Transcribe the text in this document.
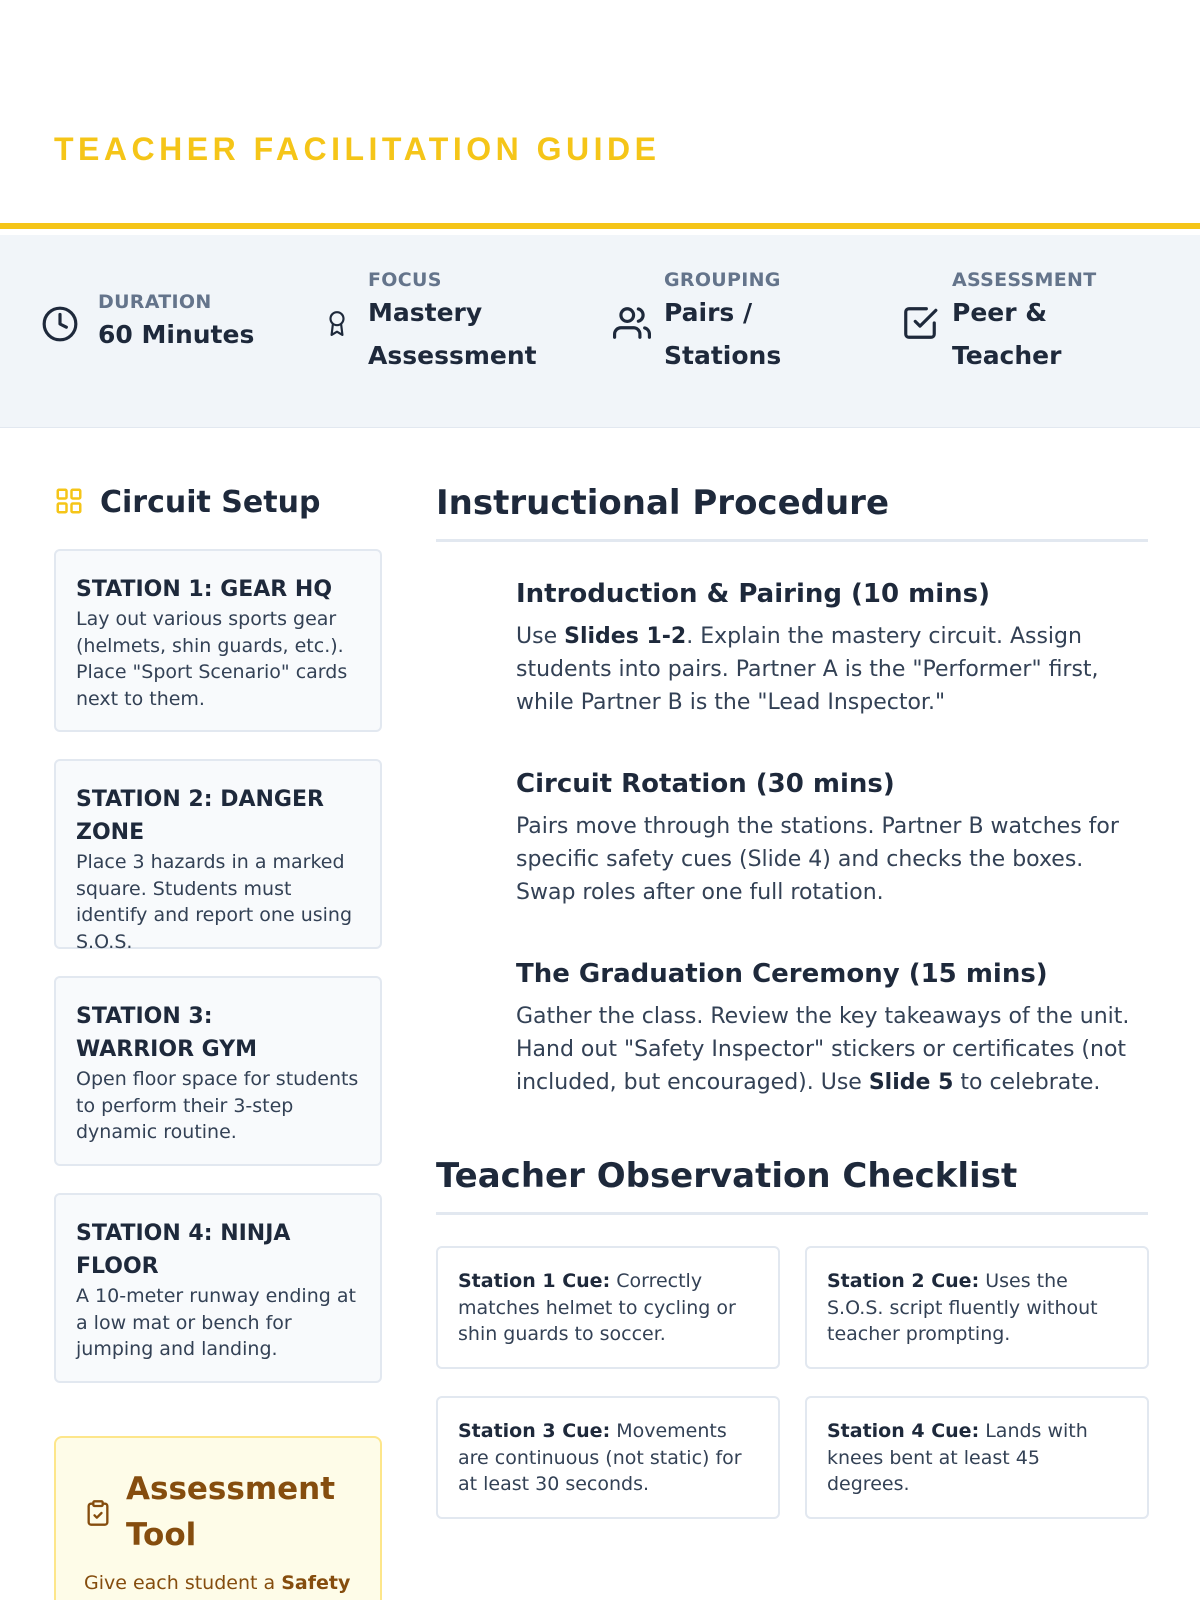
TEACHER FACILITATION GUIDE
DURATION
60 Minutes
FOCUS
Mastery Assessment
GROUPING
Pairs / Stations
ASSESSMENT
Peer & Teacher
Circuit Setup
STATION 1: GEAR HQ
Lay out various sports gear (helmets, shin guards, etc.). Place "Sport Scenario" cards next to them.
STATION 2: DANGER ZONE
Place 3 hazards in a marked square. Students must identify and report one using S.O.S.
STATION 3: WARRIOR GYM
Open floor space for students to perform their 3-step dynamic routine.
STATION 4: NINJA FLOOR
A 10-meter runway ending at a low mat or bench for jumping and landing.
Assessment Tool
Give each student a Safety
Instructional Procedure
Introduction & Pairing (10 mins)
Use Slides 1-2. Explain the mastery circuit. Assign students into pairs. Partner A is the "Performer" first, while Partner B is the "Lead Inspector."
Circuit Rotation (30 mins)
Pairs move through the stations. Partner B watches for specific safety cues (Slide 4) and checks the boxes. Swap roles after one full rotation.
The Graduation Ceremony (15 mins)
Gather the class. Review the key takeaways of the unit. Hand out "Safety Inspector" stickers or certificates (not included, but encouraged). Use Slide 5 to celebrate.
Teacher Observation Checklist
Station 1 Cue: Correctly matches helmet to cycling or shin guards to soccer.
Station 2 Cue: Uses the S.O.S. script fluently without teacher prompting.
Station 3 Cue: Movements are continuous (not static) for at least 30 seconds.
Station 4 Cue: Lands with knees bent at least 45 degrees.
